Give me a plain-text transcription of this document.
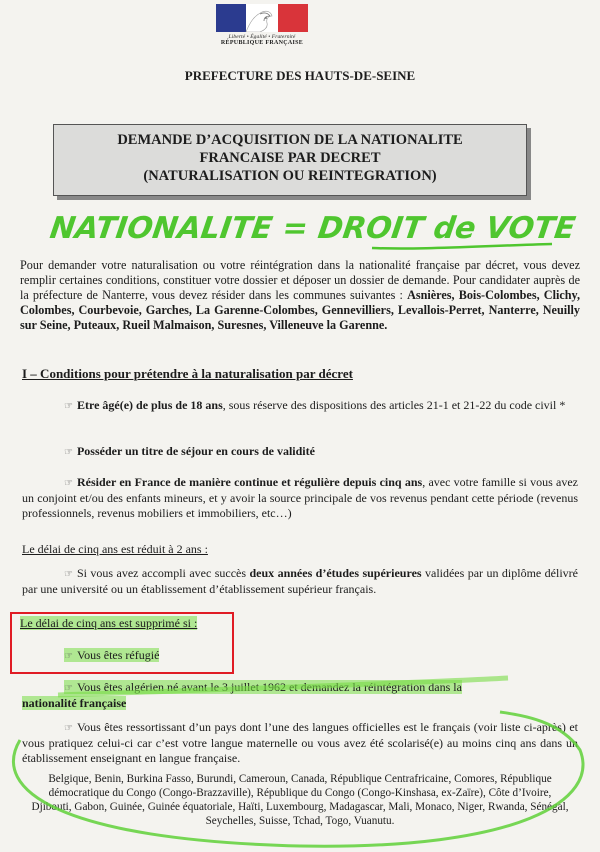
Liberté • Égalité • Fraternité
RÉPUBLIQUE FRANÇAISE
PREFECTURE DES HAUTS-DE-SEINE
DEMANDE D’ACQUISITION DE LA NATIONALITE
FRANCAISE PAR DECRET
(NATURALISATION OU REINTEGRATION)
NATIONALITE = DROIT de VOTE
Pour demander votre naturalisation ou votre réintégration dans la nationalité française par décret, vous devez remplir certaines conditions, constituer votre dossier et déposer un dossier de demande. Pour candidater auprès de la préfecture de Nanterre, vous devez résider dans les communes suivantes : Asnières, Bois-Colombes, Clichy, Colombes, Courbevoie, Garches, La Garenne-Colombes, Gennevilliers, Levallois-Perret, Nanterre, Neuilly sur Seine, Puteaux, Rueil Malmaison, Suresnes, Villeneuve la Garenne.
I – Conditions pour prétendre à la naturalisation par décret
☞ Etre âgé(e) de plus de 18 ans, sous réserve des dispositions des articles 21-1 et 21-22 du code civil *
☞ Posséder un titre de séjour en cours de validité
☞ Résider en France de manière continue et régulière depuis cinq ans, avec votre famille si vous avez un conjoint et/ou des enfants mineurs, et y avoir la source principale de vos revenus pendant cette période (revenus professionnels, revenus mobiliers et immobiliers, etc…)
Le délai de cinq ans est réduit à 2 ans :
☞ Si vous avez accompli avec succès deux années d’études supérieures validées par un diplôme délivré par une université ou un établissement d’établissement supérieur français.
Le délai de cinq ans est supprimé si :
☞ Vous êtes réfugié
☞ Vous êtes algérien né avant le 3 juillet 1962 et demandez la réintégration dans la
nationalité française
☞ Vous êtes ressortissant d’un pays dont l’une des langues officielles est le français (voir liste ci-après) et vous pratiquez celui-ci car c’est votre langue maternelle ou vous avez été scolarisé(e) au moins cinq ans dans un établissement enseignant en langue française.
Belgique, Benin, Burkina Fasso, Burundi, Cameroun, Canada, République Centrafricaine, Comores, République démocratique du Congo (Congo-Brazzaville), République du Congo (Congo-Kinshasa, ex-Zaïre), Côte d’Ivoire, Djibouti, Gabon, Guinée, Guinée équatoriale, Haïti, Luxembourg, Madagascar, Mali, Monaco, Niger, Rwanda, Sénégal, Seychelles, Suisse, Tchad, Togo, Vuanutu.
